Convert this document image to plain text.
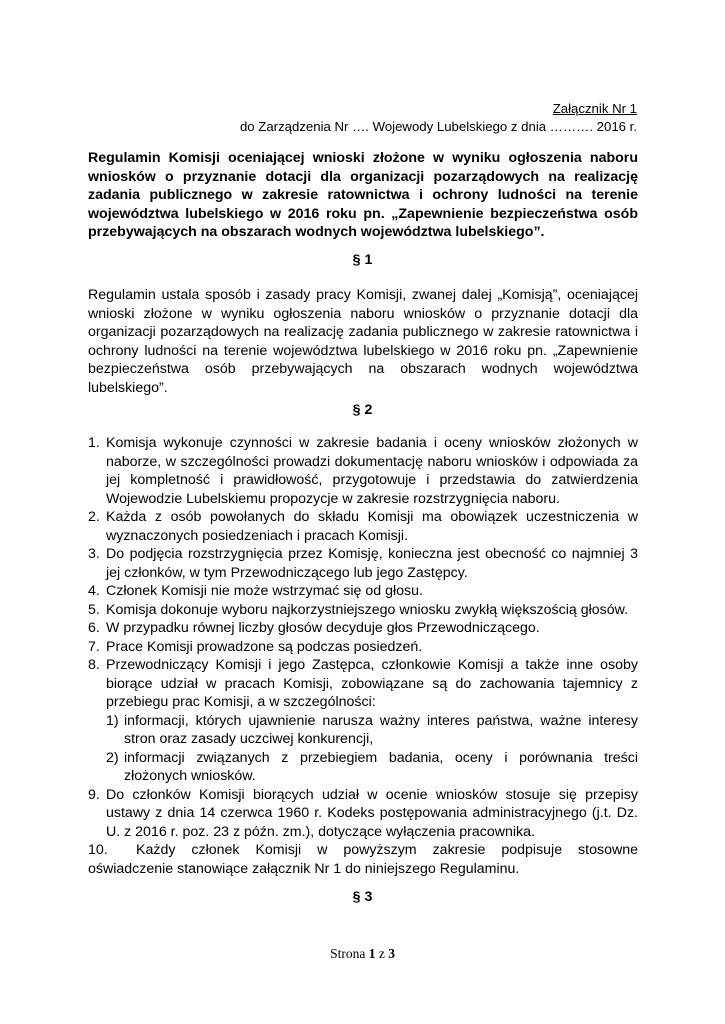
Załącznik Nr 1
do Zarządzenia Nr …. Wojewody Lubelskiego z dnia ………. 2016 r.

Regulamin Komisji oceniającej wnioski złożone w wyniku ogłoszenia naboru wniosków o przyznanie dotacji dla organizacji pozarządowych na realizację zadania publicznego w zakresie ratownictwa i ochrony ludności na terenie województwa lubelskiego w 2016 roku pn. „Zapewnienie bezpieczeństwa osób przebywających na obszarach wodnych województwa lubelskiego”.

§ 1

Regulamin ustala sposób i zasady pracy Komisji, zwanej dalej „Komisją”, oceniającej wnioski złożone w wyniku ogłoszenia naboru wniosków o przyznanie dotacji dla organizacji pozarządowych na realizację zadania publicznego w zakresie ratownictwa i ochrony ludności na terenie województwa lubelskiego w 2016 roku pn. „Zapewnienie bezpieczeństwa osób przebywających na obszarach wodnych województwa lubelskiego”.

§ 2
1. Komisja wykonuje czynności w zakresie badania i oceny wniosków złożonych w naborze, w szczególności prowadzi dokumentację naboru wniosków i odpowiada za jej kompletność i prawidłowość, przygotowuje i przedstawia do zatwierdzenia Wojewodzie Lubelskiemu propozycje w zakresie rozstrzygnięcia naboru.
2. Każda z osób powołanych do składu Komisji ma obowiązek uczestniczenia w wyznaczonych posiedzeniach i pracach Komisji.
3. Do podjęcia rozstrzygnięcia przez Komisję, konieczna jest obecność co najmniej 3 jej członków, w tym Przewodniczącego lub jego Zastępcy.
4. Członek Komisji nie może wstrzymać się od głosu.
5. Komisja dokonuje wyboru najkorzystniejszego wniosku zwykłą większością głosów.
6. W przypadku równej liczby głosów decyduje głos Przewodniczącego.
7. Prace Komisji prowadzone są podczas posiedzeń.
8. Przewodniczący Komisji i jego Zastępca, członkowie Komisji a także inne osoby biorące udział w pracach Komisji, zobowiązane są do zachowania tajemnicy z przebiegu prac Komisji, a w szczególności:
1) informacji, których ujawnienie narusza ważny interes państwa, ważne interesy stron oraz zasady uczciwej konkurencji,
2) informacji związanych z przebiegiem badania, oceny i porównania treści złożonych wniosków.
9. Do członków Komisji biorących udział w ocenie wniosków stosuje się przepisy ustawy z dnia 14 czerwca 1960 r. Kodeks postępowania administracyjnego (j.t. Dz. U. z 2016 r. poz. 23 z późn. zm.), dotyczące wyłączenia pracownika.
10. Każdy członek Komisji w powyższym zakresie podpisuje stosowne oświadczenie stanowiące załącznik Nr 1 do niniejszego Regulaminu.
§ 3
Strona 1 z 3
